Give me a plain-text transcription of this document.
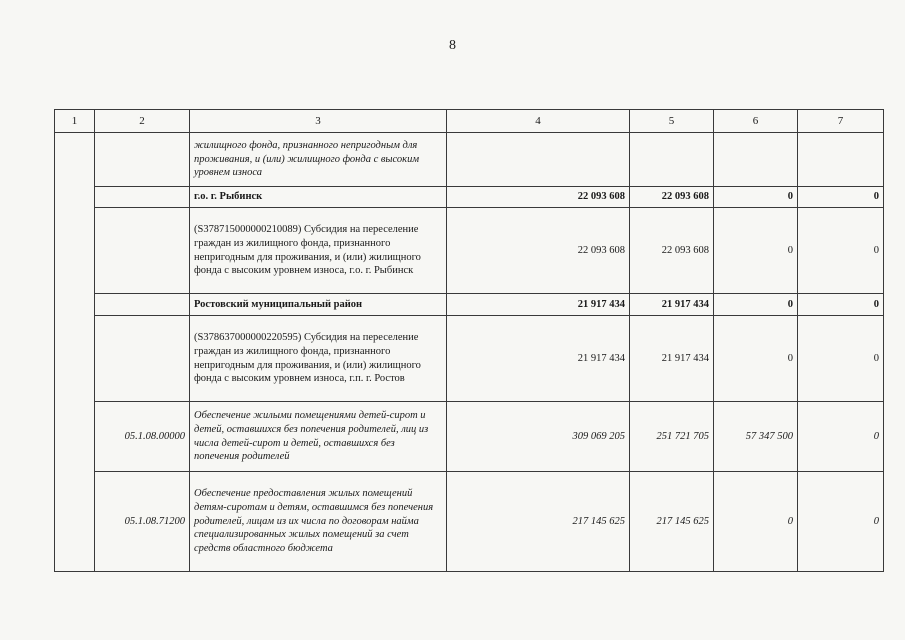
8
1	2	3	4	5	6	7
		жилищного фонда, признанного непригодным для проживания, и (или) жилищного фонда с высоким уровнем износа				
		г.о. г. Рыбинск	22 093 608	22 093 608	0	0
		(S378715000000210089) Субсидия на переселение граждан из жилищного фонда, признанного непригодным для проживания, и (или) жилищного фонда с высоким уровнем износа, г.о. г. Рыбинск	22 093 608	22 093 608	0	0
		Ростовский муниципальный район	21 917 434	21 917 434	0	0
		(S378637000000220595) Субсидия на переселение граждан из жилищного фонда, признанного непригодным для проживания, и (или) жилищного фонда с высоким уровнем износа, г.п. г. Ростов	21 917 434	21 917 434	0	0
	05.1.08.00000	Обеспечение жилыми помещениями детей-сирот и детей, оставшихся без попечения родителей, лиц из числа детей-сирот и детей, оставшихся без попечения родителей	309 069 205	251 721 705	57 347 500	0
	05.1.08.71200	Обеспечение предоставления жилых помещений детям-сиротам и детям, оставшимся без попечения родителей, лицам из их числа по договорам найма специализированных жилых помещений за счет средств областного бюджета	217 145 625	217 145 625	0	0
